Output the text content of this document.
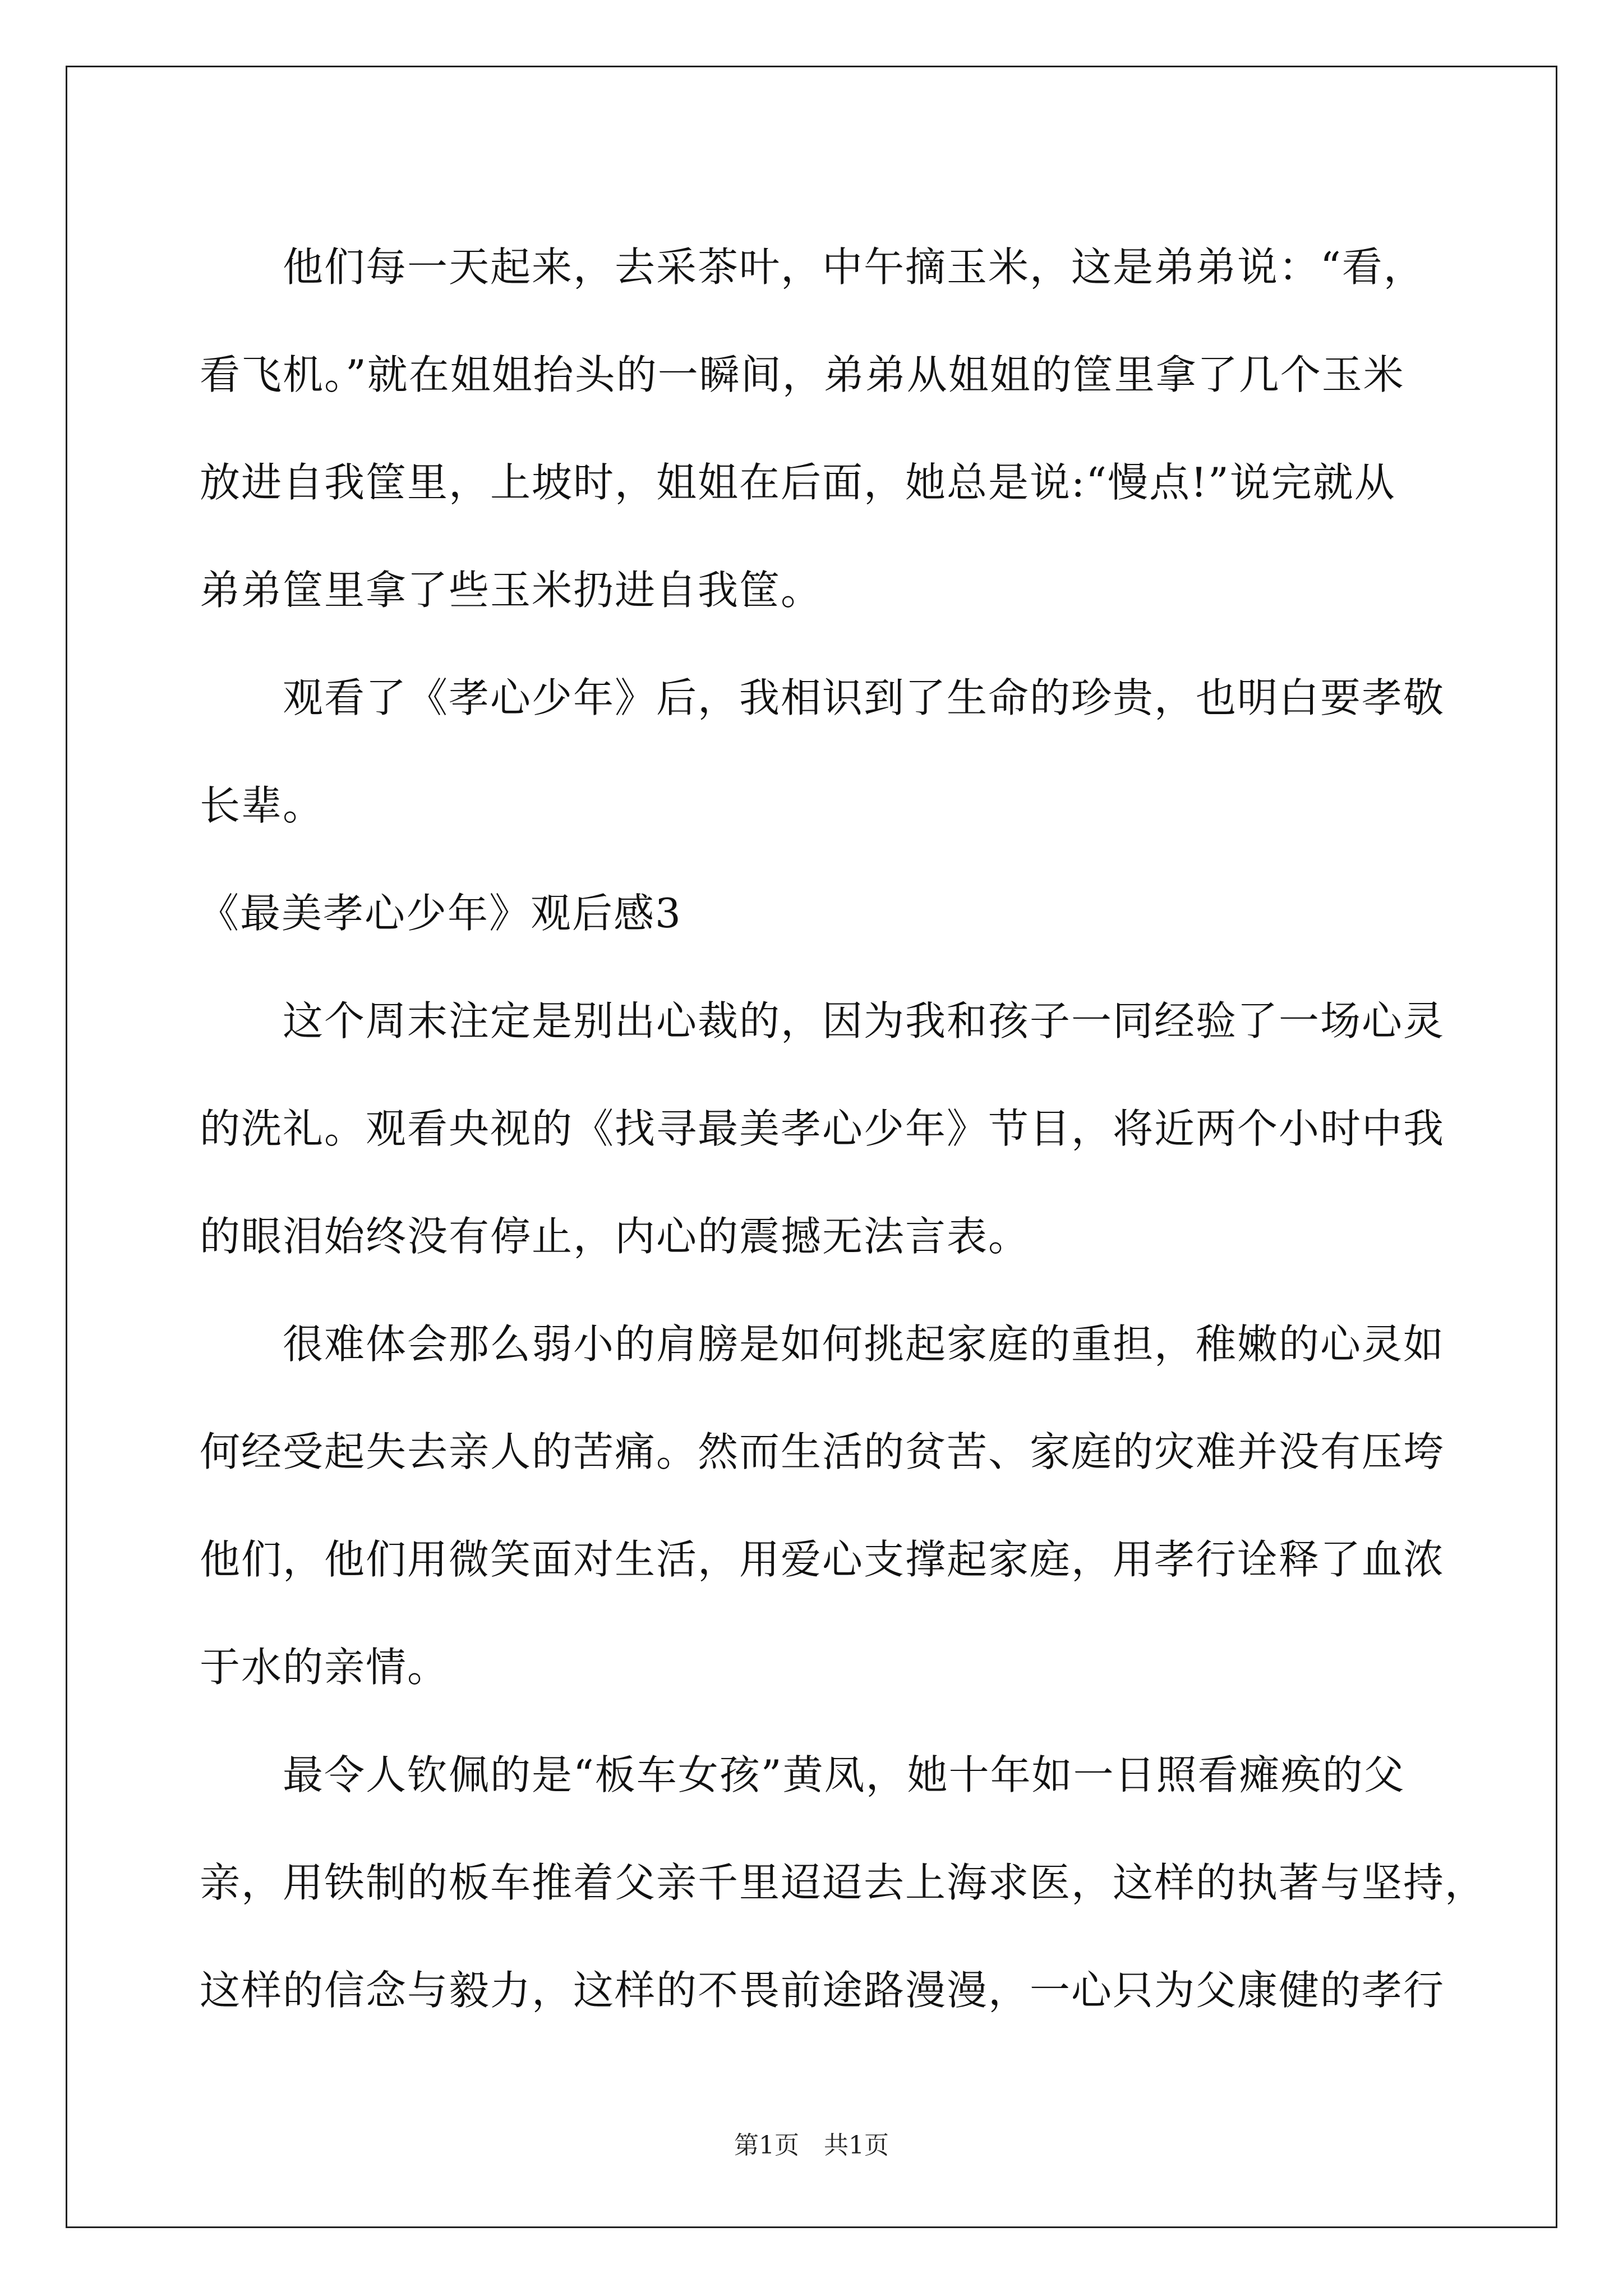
他们每一天起来，去采茶叶，中午摘玉米，这是弟弟说：“看，
看飞机。”就在姐姐抬头的一瞬间，弟弟从姐姐的筐里拿了几个玉米
放进自我筐里，上坡时，姐姐在后面，她总是说:“慢点!”说完就从
弟弟筐里拿了些玉米扔进自我筐。
观看了《孝心少年》后，我相识到了生命的珍贵，也明白要孝敬
长辈。
《最美孝心少年》观后感3
这个周末注定是别出心裁的，因为我和孩子一同经验了一场心灵
的洗礼。观看央视的《找寻最美孝心少年》节目，将近两个小时中我
的眼泪始终没有停止，内心的震撼无法言表。
很难体会那么弱小的肩膀是如何挑起家庭的重担，稚嫩的心灵如
何经受起失去亲人的苦痛。然而生活的贫苦、家庭的灾难并没有压垮
他们，他们用微笑面对生活，用爱心支撑起家庭，用孝行诠释了血浓
于水的亲情。
最令人钦佩的是“板车女孩”黄凤，她十年如一日照看瘫痪的父
亲，用铁制的板车推着父亲千里迢迢去上海求医，这样的执著与坚持，
这样的信念与毅力，这样的不畏前途路漫漫，一心只为父康健的孝行
第1页　共1页
